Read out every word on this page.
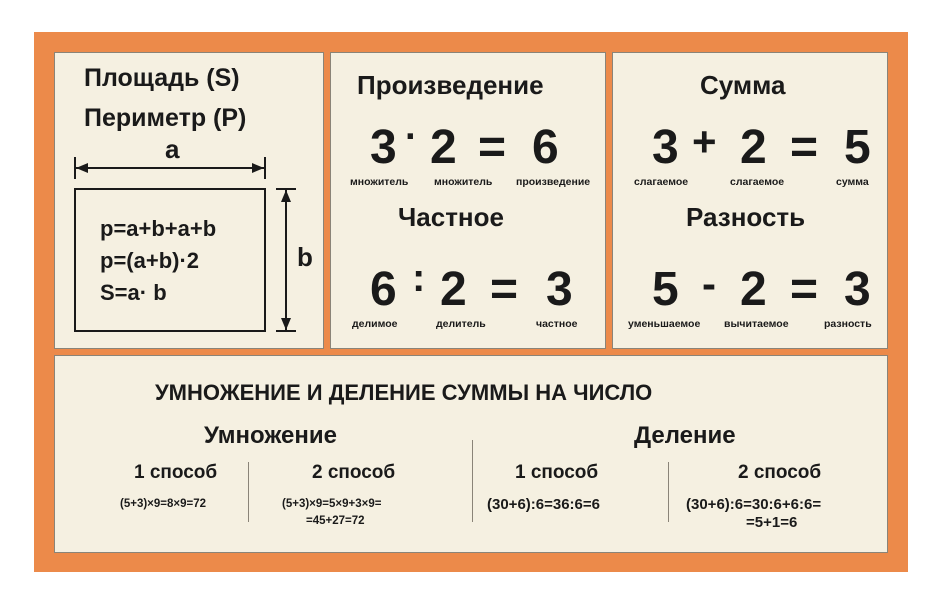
Площадь (S)
Периметр (P)
a
b
p=a+b+a+b
p=(a+b)·2
S=a· b
Произведение
3 · 2 = 6
множитель множитель произведение
Частное
6 : 2 = 3
делимое	делитель	частное
Сумма
3 + 2 = 5
слагаемое	слагаемое	сумма
Разность
5 - 2 = 3
уменьшаемое вычитаемое	разность
УМНОЖЕНИЕ И ДЕЛЕНИЕ СУММЫ НА ЧИСЛО
Умножение	Деление
1 способ
(5+3)×9=8×9=72
2 способ
(5+3)×9=5×9+3×9=
=45+27=72
1 способ
(30+6):6=36:6=6
2 способ
(30+6):6=30:6+6:6=
=5+1=6
